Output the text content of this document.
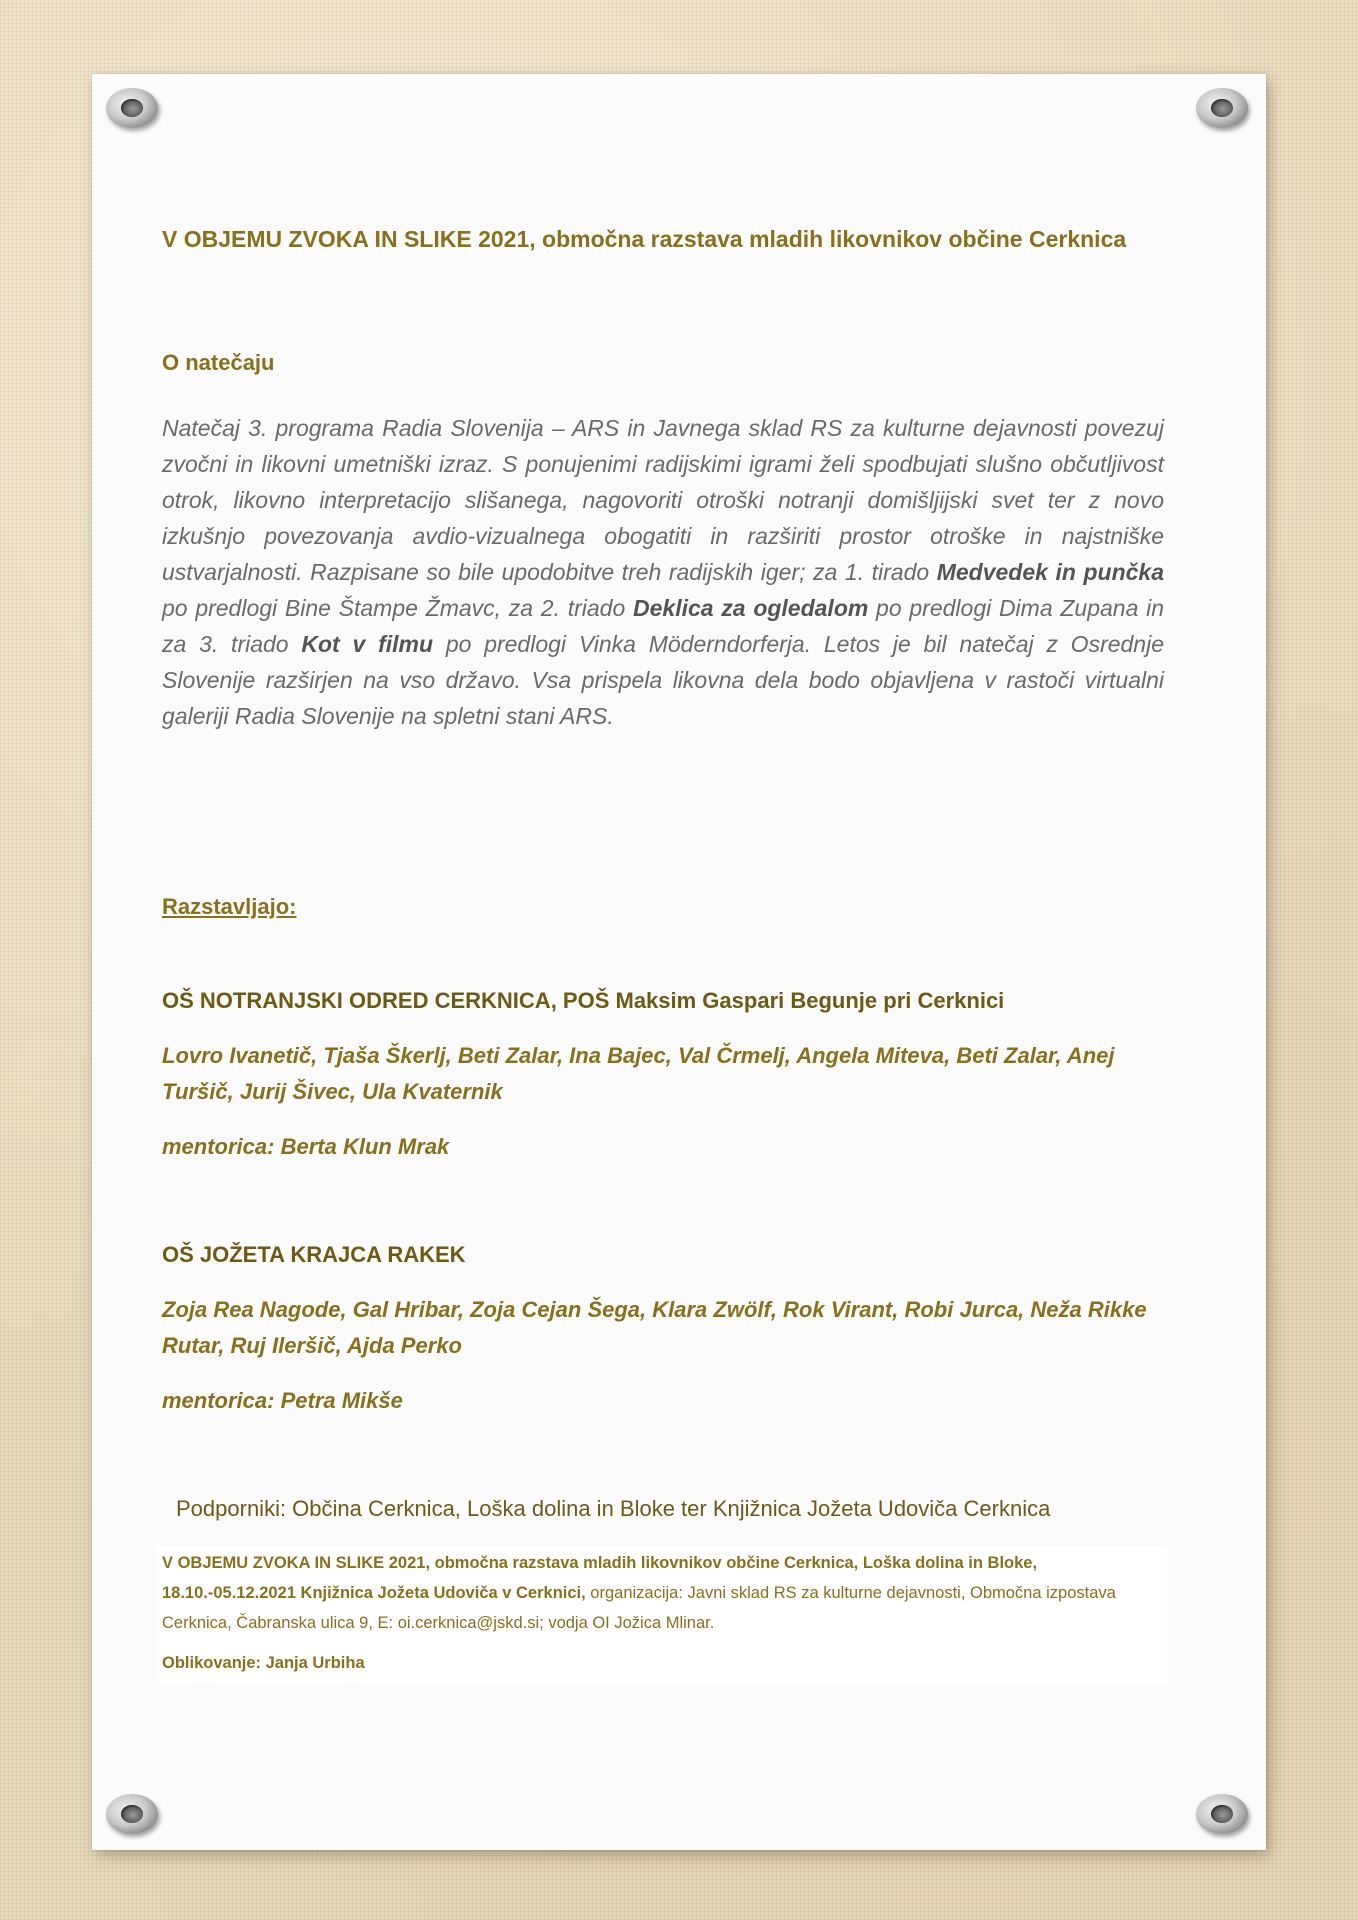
V OBJEMU ZVOKA IN SLIKE 2021, območna razstava mladih likovnikov občine Cerknica
O natečaju

Natečaj 3. programa Radia Slovenija – ARS in Javnega sklad RS za kulturne dejavnosti povezuj zvočni in likovni umetniški izraz. S ponujenimi radijskimi igrami želi spodbujati slušno občutljivost otrok, likovno interpretacijo slišanega, nagovoriti otroški notranji domišljijski svet ter z novo izkušnjo povezovanja avdio-vizualnega obogatiti in razširiti prostor otroške in najstniške ustvarjalnosti. Razpisane so bile upodobitve treh radijskih iger; za 1. tirado Medvedek in punčka po predlogi Bine Štampe Žmavc, za 2. triado Deklica za ogledalom po predlogi Dima Zupana in za 3. triado Kot v filmu po predlogi Vinka Möderndorferja. Letos je bil natečaj z Osrednje Slovenije razširjen na vso državo. Vsa prispela likovna dela bodo objavljena v rastoči virtualni galeriji Radia Slovenije na spletni stani ARS.

Razstavljajo:
OŠ NOTRANJSKI ODRED CERKNICA, POŠ Maksim Gaspari Begunje pri Cerknici

Lovro Ivanetič, Tjaša Škerlj, Beti Zalar, Ina Bajec, Val Črmelj, Angela Miteva, Beti Zalar, Anej Turšič, Jurij Šivec, Ula Kvaternik

mentorica: Berta Klun Mrak

OŠ JOŽETA KRAJCA RAKEK

Zoja Rea Nagode, Gal Hribar, Zoja Cejan Šega, Klara Zwölf, Rok Virant, Robi Jurca, Neža Rikke Rutar, Ruj Ileršič, Ajda Perko

mentorica: Petra Mikše

Podporniki: Občina Cerknica, Loška dolina in Bloke ter Knjižnica Jožeta Udoviča Cerknica

V OBJEMU ZVOKA IN SLIKE 2021, območna razstava mladih likovnikov občine Cerknica, Loška dolina in Bloke, 18.10.-05.12.2021 Knjižnica Jožeta Udoviča v Cerknici, organizacija: Javni sklad RS za kulturne dejavnosti, Območna izpostava Cerknica, Čabranska ulica 9, E: oi.cerknica@jskd.si; vodja OI Jožica Mlinar.

Oblikovanje: Janja Urbiha
